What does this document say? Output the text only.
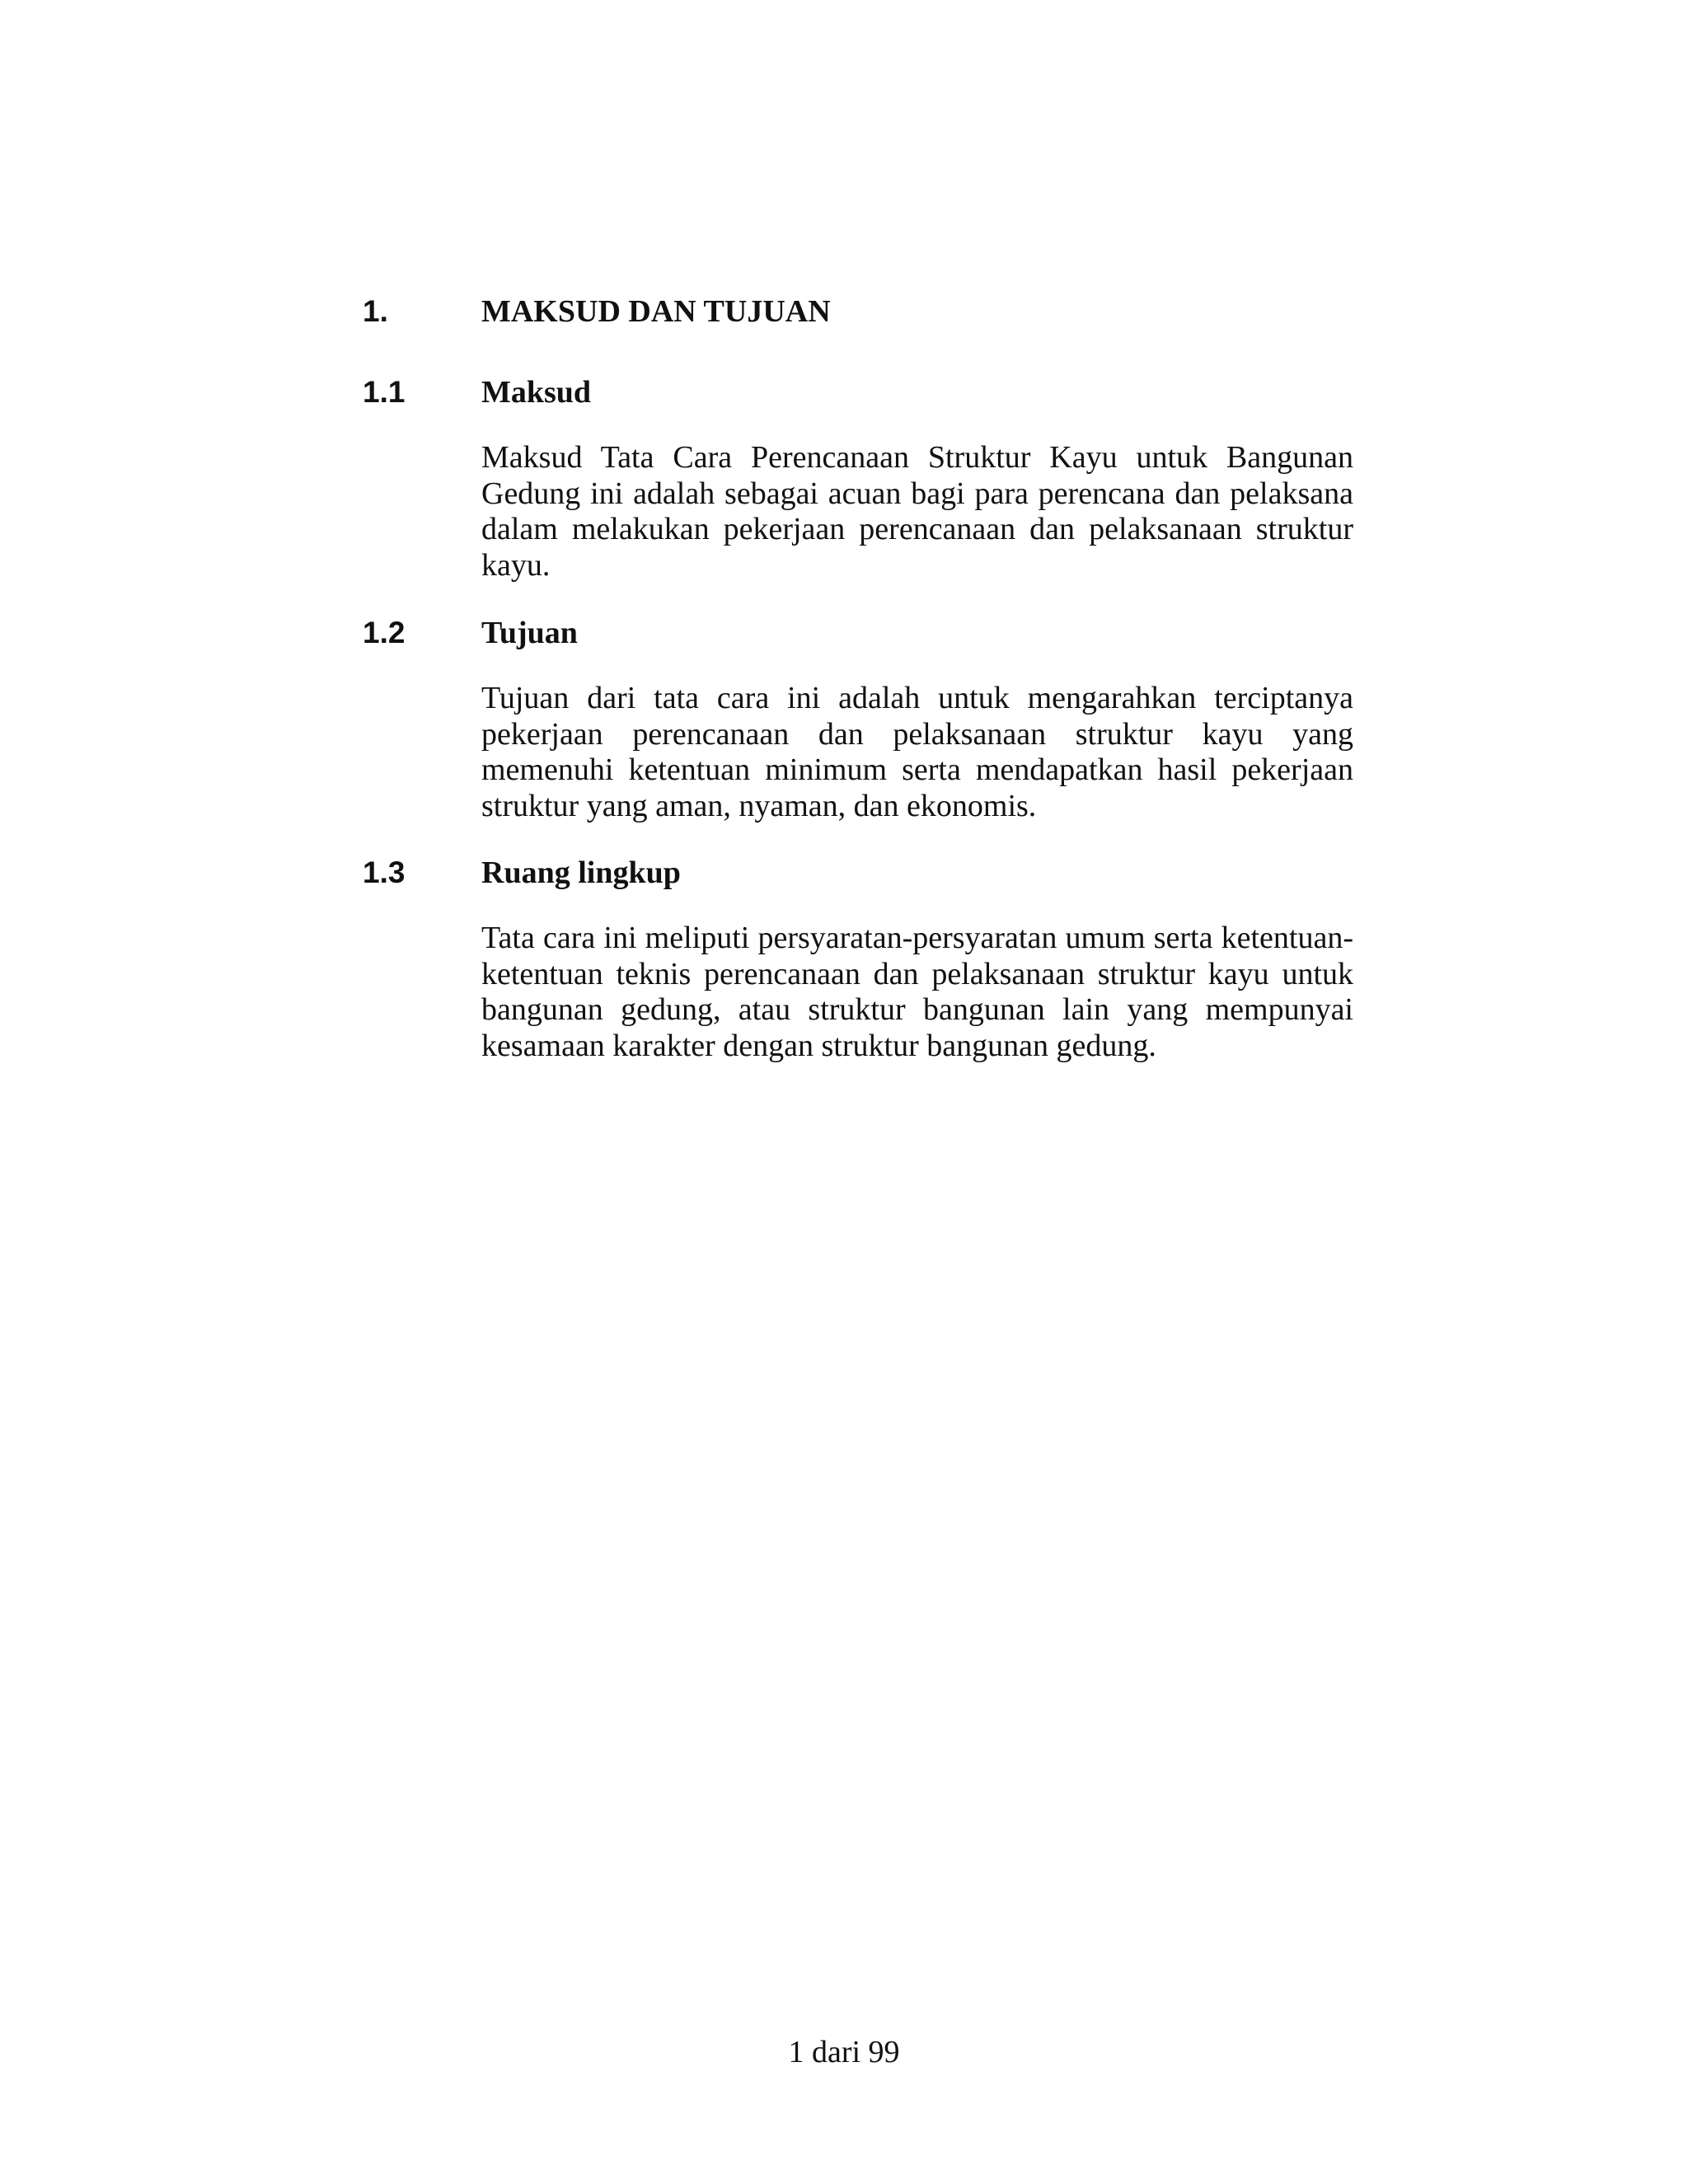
1.	MAKSUD DAN TUJUAN
1.1 Maksud

Maksud Tata Cara Perencanaan Struktur Kayu untuk Bangunan Gedung ini adalah sebagai acuan bagi para perencana dan pelaksana dalam melakukan pekerjaan perencanaan dan pelaksanaan struktur kayu.

1.2 Tujuan

Tujuan dari tata cara ini adalah untuk mengarahkan terciptanya pekerjaan perencanaan dan pelaksanaan struktur kayu yang memenuhi ketentuan minimum serta mendapatkan hasil pekerjaan struktur yang aman, nyaman, dan ekonomis.

1.3 Ruang lingkup

Tata cara ini meliputi persyaratan-persyaratan umum serta ketentuan-ketentuan teknis perencanaan dan pelaksanaan struktur kayu untuk bangunan gedung, atau struktur bangunan lain yang mempunyai kesamaan karakter dengan struktur bangunan gedung.

1 dari 99
